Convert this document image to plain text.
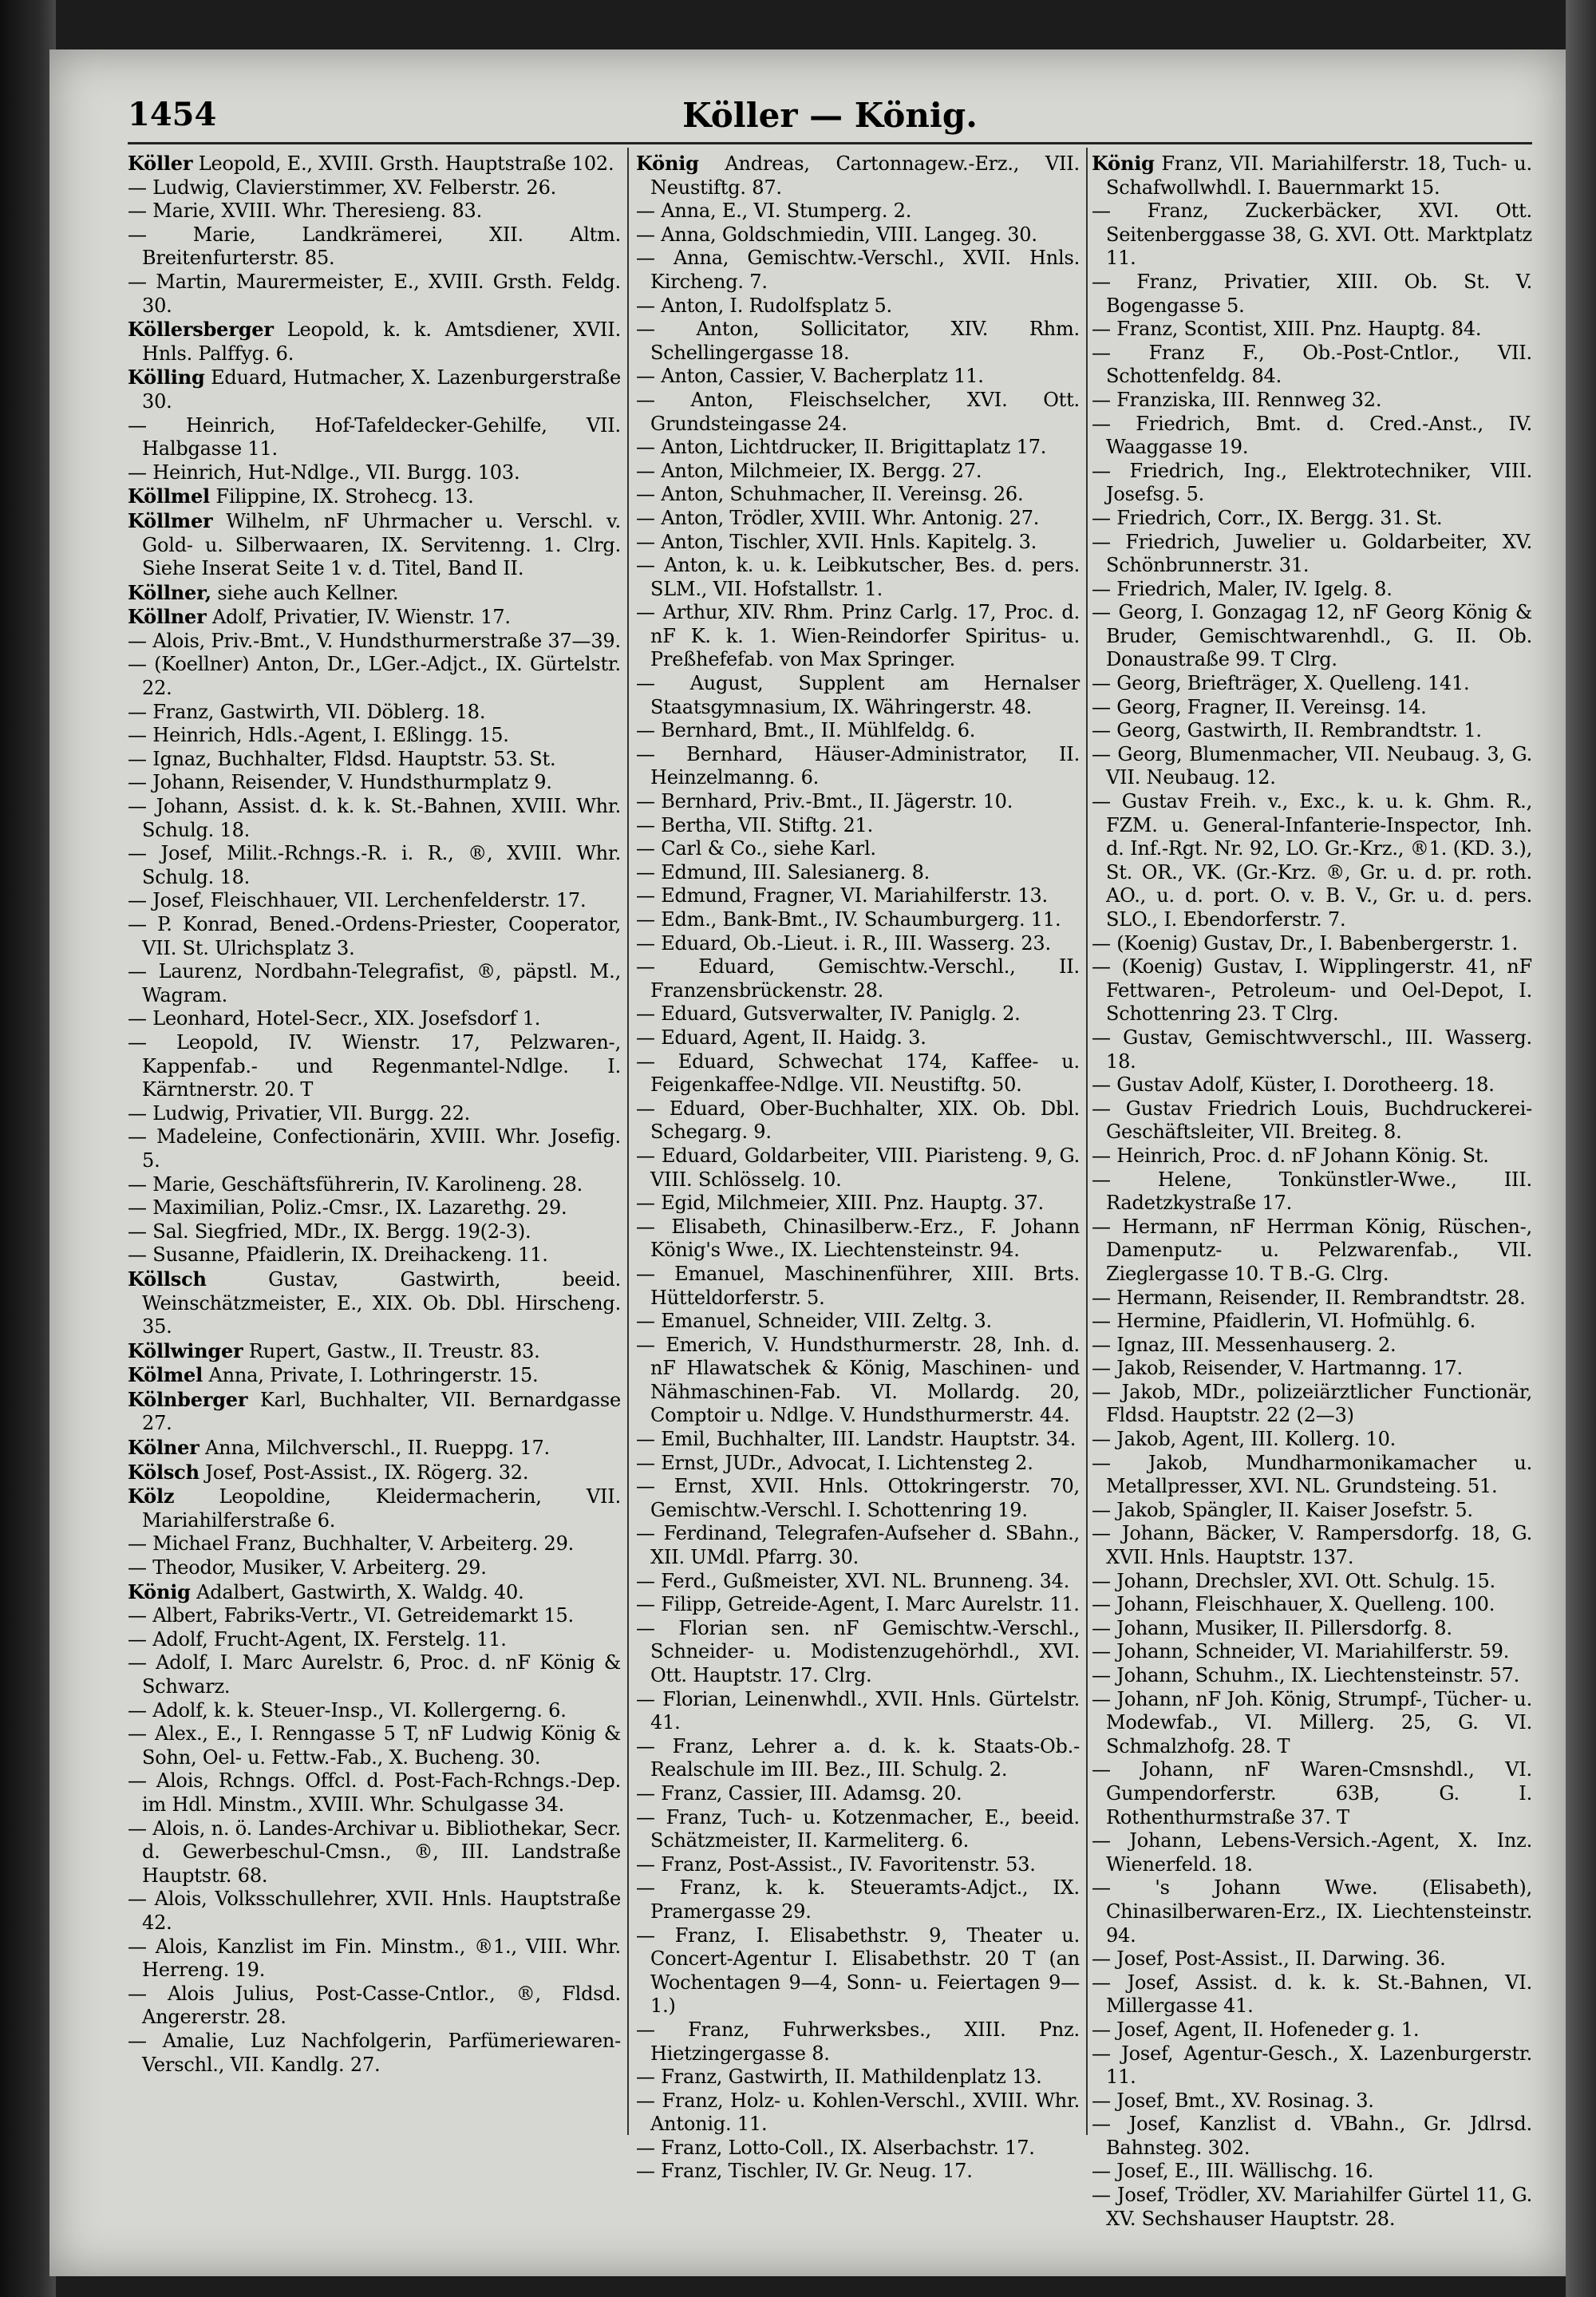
1454	Köller — König.
Köller Leopold, E., XVIII. Grsth. Hauptstraße 102.
— Ludwig, Clavierstimmer, XV. Felberstr. 26.
— Marie, XVIII. Whr. Theresieng. 83.
— Marie, Landkrämerei, XII. Altm. Breitenfurterstr. 85.
— Martin, Maurermeister, E., XVIII. Grsth. Feldg. 30.
Köllersberger Leopold, k. k. Amtsdiener, XVII. Hnls. Palffyg. 6.
Kölling Eduard, Hutmacher, X. Lazenburgerstraße 30.
— Heinrich, Hof-Tafeldecker-Gehilfe, VII. Halbgasse 11.
— Heinrich, Hut-Ndlge., VII. Burgg. 103.
Köllmel Filippine, IX. Strohecg. 13.
Köllmer Wilhelm, nF Uhrmacher u. Verschl. v. Gold- u. Silberwaaren, IX. Servitenng. 1. Clrg. Siehe Inserat Seite 1 v. d. Titel, Band II.
Köllner, siehe auch Kellner.
Köllner Adolf, Privatier, IV. Wienstr. 17.
— Alois, Priv.-Bmt., V. Hundsthurmerstraße 37—39.
— (Koellner) Anton, Dr., LGer.-Adjct., IX. Gürtelstr. 22.
— Franz, Gastwirth, VII. Döblerg. 18.
— Heinrich, Hdls.-Agent, I. Eßlingg. 15.
— Ignaz, Buchhalter, Fldsd. Hauptstr. 53. St.
— Johann, Reisender, V. Hundsthurmplatz 9.
— Johann, Assist. d. k. k. St.-Bahnen, XVIII. Whr. Schulg. 18.
— Josef, Milit.-Rchngs.-R. i. R., ®, XVIII. Whr. Schulg. 18.
— Josef, Fleischhauer, VII. Lerchenfelderstr. 17.
— P. Konrad, Bened.-Ordens-Priester, Cooperator, VII. St. Ulrichsplatz 3.
— Laurenz, Nordbahn-Telegrafist, ®, päpstl. M., Wagram.
— Leonhard, Hotel-Secr., XIX. Josefsdorf 1.
— Leopold, IV. Wienstr. 17, Pelzwaren-, Kappenfab.- und Regenmantel-Ndlge. I. Kärntnerstr. 20. T
— Ludwig, Privatier, VII. Burgg. 22.
— Madeleine, Confectionärin, XVIII. Whr. Josefig. 5.
— Marie, Geschäftsführerin, IV. Karolineng. 28.
— Maximilian, Poliz.-Cmsr., IX. Lazarethg. 29.
— Sal. Siegfried, MDr., IX. Bergg. 19(2-3).
— Susanne, Pfaidlerin, IX. Dreihackeng. 11.
Köllsch Gustav, Gastwirth, beeid. Weinschätzmeister, E., XIX. Ob. Dbl. Hirscheng. 35.
Köllwinger Rupert, Gastw., II. Treustr. 83.
Kölmel Anna, Private, I. Lothringerstr. 15.
Kölnberger Karl, Buchhalter, VII. Bernardgasse 27.
Kölner Anna, Milchverschl., II. Rueppg. 17.
Kölsch Josef, Post-Assist., IX. Rögerg. 32.
Kölz Leopoldine, Kleidermacherin, VII. Mariahilferstraße 6.
— Michael Franz, Buchhalter, V. Arbeiterg. 29.
— Theodor, Musiker, V. Arbeiterg. 29.
König Adalbert, Gastwirth, X. Waldg. 40.
— Albert, Fabriks-Vertr., VI. Getreidemarkt 15.
— Adolf, Frucht-Agent, IX. Ferstelg. 11.
— Adolf, I. Marc Aurelstr. 6, Proc. d. nF König & Schwarz.
— Adolf, k. k. Steuer-Insp., VI. Kollergerng. 6.
— Alex., E., I. Renngasse 5 T, nF Ludwig König & Sohn, Oel- u. Fettw.-Fab., X. Bucheng. 30.
— Alois, Rchngs. Offcl. d. Post-Fach-Rchngs.-Dep. im Hdl. Minstm., XVIII. Whr. Schulgasse 34.
— Alois, n. ö. Landes-Archivar u. Bibliothekar, Secr. d. Gewerbeschul-Cmsn., ®, III. Landstraße Hauptstr. 68.
— Alois, Volksschullehrer, XVII. Hnls. Hauptstraße 42.
— Alois, Kanzlist im Fin. Minstm., ®1., VIII. Whr. Herreng. 19.
— Alois Julius, Post-Casse-Cntlor., ®, Fldsd. Angererstr. 28.
— Amalie, Luz Nachfolgerin, Parfümeriewaren-Verschl., VII. Kandlg. 27.
König Andreas, Cartonnagew.-Erz., VII. Neustiftg. 87.
— Anna, E., VI. Stumperg. 2.
— Anna, Goldschmiedin, VIII. Langeg. 30.
— Anna, Gemischtw.-Verschl., XVII. Hnls. Kircheng. 7.
— Anton, I. Rudolfsplatz 5.
— Anton, Sollicitator, XIV. Rhm. Schellingergasse 18.
— Anton, Cassier, V. Bacherplatz 11.
— Anton, Fleischselcher, XVI. Ott. Grundsteingasse 24.
— Anton, Lichtdrucker, II. Brigittaplatz 17.
— Anton, Milchmeier, IX. Bergg. 27.
— Anton, Schuhmacher, II. Vereinsg. 26.
— Anton, Trödler, XVIII. Whr. Antonig. 27.
— Anton, Tischler, XVII. Hnls. Kapitelg. 3.
— Anton, k. u. k. Leibkutscher, Bes. d. pers. SLM., VII. Hofstallstr. 1.
— Arthur, XIV. Rhm. Prinz Carlg. 17, Proc. d. nF K. k. 1. Wien-Reindorfer Spiritus- u. Preßhefefab. von Max Springer.
— August, Supplent am Hernalser Staatsgymnasium, IX. Währingerstr. 48.
— Bernhard, Bmt., II. Mühlfeldg. 6.
— Bernhard, Häuser-Administrator, II. Heinzelmanng. 6.
— Bernhard, Priv.-Bmt., II. Jägerstr. 10.
— Bertha, VII. Stiftg. 21.
— Carl & Co., siehe Karl.
— Edmund, III. Salesianerg. 8.
— Edmund, Fragner, VI. Mariahilferstr. 13.
— Edm., Bank-Bmt., IV. Schaumburgerg. 11.
— Eduard, Ob.-Lieut. i. R., III. Wasserg. 23.
— Eduard, Gemischtw.-Verschl., II. Franzensbrückenstr. 28.
— Eduard, Gutsverwalter, IV. Paniglg. 2.
— Eduard, Agent, II. Haidg. 3.
— Eduard, Schwechat 174, Kaffee- u. Feigenkaffee-Ndlge. VII. Neustiftg. 50.
— Eduard, Ober-Buchhalter, XIX. Ob. Dbl. Schegarg. 9.
— Eduard, Goldarbeiter, VIII. Piaristeng. 9, G. VIII. Schlösselg. 10.
— Egid, Milchmeier, XIII. Pnz. Hauptg. 37.
— Elisabeth, Chinasilberw.-Erz., F. Johann König's Wwe., IX. Liechtensteinstr. 94.
— Emanuel, Maschinenführer, XIII. Brts. Hütteldorferstr. 5.
— Emanuel, Schneider, VIII. Zeltg. 3.
— Emerich, V. Hundsthurmerstr. 28, Inh. d. nF Hlawatschek & König, Maschinen- und Nähmaschinen-Fab. VI. Mollardg. 20, Comptoir u. Ndlge. V. Hundsthurmerstr. 44.
— Emil, Buchhalter, III. Landstr. Hauptstr. 34.
— Ernst, JUDr., Advocat, I. Lichtensteg 2.
— Ernst, XVII. Hnls. Ottokringerstr. 70, Gemischtw.-Verschl. I. Schottenring 19.
— Ferdinand, Telegrafen-Aufseher d. SBahn., XII. UMdl. Pfarrg. 30.
— Ferd., Gußmeister, XVI. NL. Brunneng. 34.
— Filipp, Getreide-Agent, I. Marc Aurelstr. 11.
— Florian sen. nF Gemischtw.-Verschl., Schneider- u. Modistenzugehörhdl., XVI. Ott. Hauptstr. 17. Clrg.
— Florian, Leinenwhdl., XVII. Hnls. Gürtelstr. 41.
— Franz, Lehrer a. d. k. k. Staats-Ob.-Realschule im III. Bez., III. Schulg. 2.
— Franz, Cassier, III. Adamsg. 20.
— Franz, Tuch- u. Kotzenmacher, E., beeid. Schätzmeister, II. Karmeliterg. 6.
— Franz, Post-Assist., IV. Favoritenstr. 53.
— Franz, k. k. Steueramts-Adjct., IX. Pramergasse 29.
— Franz, I. Elisabethstr. 9, Theater u. Concert-Agentur I. Elisabethstr. 20 T (an Wochentagen 9—4, Sonn- u. Feiertagen 9—1.)
— Franz, Fuhrwerksbes., XIII. Pnz. Hietzingergasse 8.
— Franz, Gastwirth, II. Mathildenplatz 13.
— Franz, Holz- u. Kohlen-Verschl., XVIII. Whr. Antonig. 11.
— Franz, Lotto-Coll., IX. Alserbachstr. 17.
— Franz, Tischler, IV. Gr. Neug. 17.
König Franz, VII. Mariahilferstr. 18, Tuch- u. Schafwollwhdl. I. Bauernmarkt 15.
— Franz, Zuckerbäcker, XVI. Ott. Seitenberggasse 38, G. XVI. Ott. Marktplatz 11.
— Franz, Privatier, XIII. Ob. St. V. Bogengasse 5.
— Franz, Scontist, XIII. Pnz. Hauptg. 84.
— Franz F., Ob.-Post-Cntlor., VII. Schottenfeldg. 84.
— Franziska, III. Rennweg 32.
— Friedrich, Bmt. d. Cred.-Anst., IV. Waaggasse 19.
— Friedrich, Ing., Elektrotechniker, VIII. Josefsg. 5.
— Friedrich, Corr., IX. Bergg. 31. St.
— Friedrich, Juwelier u. Goldarbeiter, XV. Schönbrunnerstr. 31.
— Friedrich, Maler, IV. Igelg. 8.
— Georg, I. Gonzagag 12, nF Georg König & Bruder, Gemischtwarenhdl., G. II. Ob. Donaustraße 99. T Clrg.
— Georg, Briefträger, X. Quelleng. 141.
— Georg, Fragner, II. Vereinsg. 14.
— Georg, Gastwirth, II. Rembrandtstr. 1.
— Georg, Blumenmacher, VII. Neubaug. 3, G. VII. Neubaug. 12.
— Gustav Freih. v., Exc., k. u. k. Ghm. R., FZM. u. General-Infanterie-Inspector, Inh. d. Inf.-Rgt. Nr. 92, LO. Gr.-Krz., ®1. (KD. 3.), St. OR., VK. (Gr.-Krz. ®, Gr. u. d. pr. roth. AO., u. d. port. O. v. B. V., Gr. u. d. pers. SLO., I. Ebendorferstr. 7.
— (Koenig) Gustav, Dr., I. Babenbergerstr. 1.
— (Koenig) Gustav, I. Wipplingerstr. 41, nF Fettwaren-, Petroleum- und Oel-Depot, I. Schottenring 23. T Clrg.
— Gustav, Gemischtwverschl., III. Wasserg. 18.
— Gustav Adolf, Küster, I. Dorotheerg. 18.
— Gustav Friedrich Louis, Buchdruckerei-Geschäftsleiter, VII. Breiteg. 8.
— Heinrich, Proc. d. nF Johann König. St.
— Helene, Tonkünstler-Wwe., III. Radetzkystraße 17.
— Hermann, nF Herrman König, Rüschen-, Damenputz- u. Pelzwarenfab., VII. Zieglergasse 10. T B.-G. Clrg.
— Hermann, Reisender, II. Rembrandtstr. 28.
— Hermine, Pfaidlerin, VI. Hofmühlg. 6.
— Ignaz, III. Messenhauserg. 2.
— Jakob, Reisender, V. Hartmanng. 17.
— Jakob, MDr., polizeiärztlicher Functionär, Fldsd. Hauptstr. 22 (2—3)
— Jakob, Agent, III. Kollerg. 10.
— Jakob, Mundharmonikamacher u. Metallpresser, XVI. NL. Grundsteing. 51.
— Jakob, Spängler, II. Kaiser Josefstr. 5.
— Johann, Bäcker, V. Rampersdorfg. 18, G. XVII. Hnls. Hauptstr. 137.
— Johann, Drechsler, XVI. Ott. Schulg. 15.
— Johann, Fleischhauer, X. Quelleng. 100.
— Johann, Musiker, II. Pillersdorfg. 8.
— Johann, Schneider, VI. Mariahilferstr. 59.
— Johann, Schuhm., IX. Liechtensteinstr. 57.
— Johann, nF Joh. König, Strumpf-, Tücher- u. Modewfab., VI. Millerg. 25, G. VI. Schmalzhofg. 28. T
— Johann, nF Waren-Cmsnshdl., VI. Gumpendorferstr. 63B, G. I. Rothenthurmstraße 37. T
— Johann, Lebens-Versich.-Agent, X. Inz. Wienerfeld. 18.
— 's Johann Wwe. (Elisabeth), Chinasilberwaren-Erz., IX. Liechtensteinstr. 94.
— Josef, Post-Assist., II. Darwing. 36.
— Josef, Assist. d. k. k. St.-Bahnen, VI. Millergasse 41.
— Josef, Agent, II. Hofeneder g. 1.
— Josef, Agentur-Gesch., X. Lazenburgerstr. 11.
— Josef, Bmt., XV. Rosinag. 3.
— Josef, Kanzlist d. VBahn., Gr. Jdlrsd. Bahnsteg. 302.
— Josef, E., III. Wällischg. 16.
— Josef, Trödler, XV. Mariahilfer Gürtel 11, G. XV. Sechshauser Hauptstr. 28.
